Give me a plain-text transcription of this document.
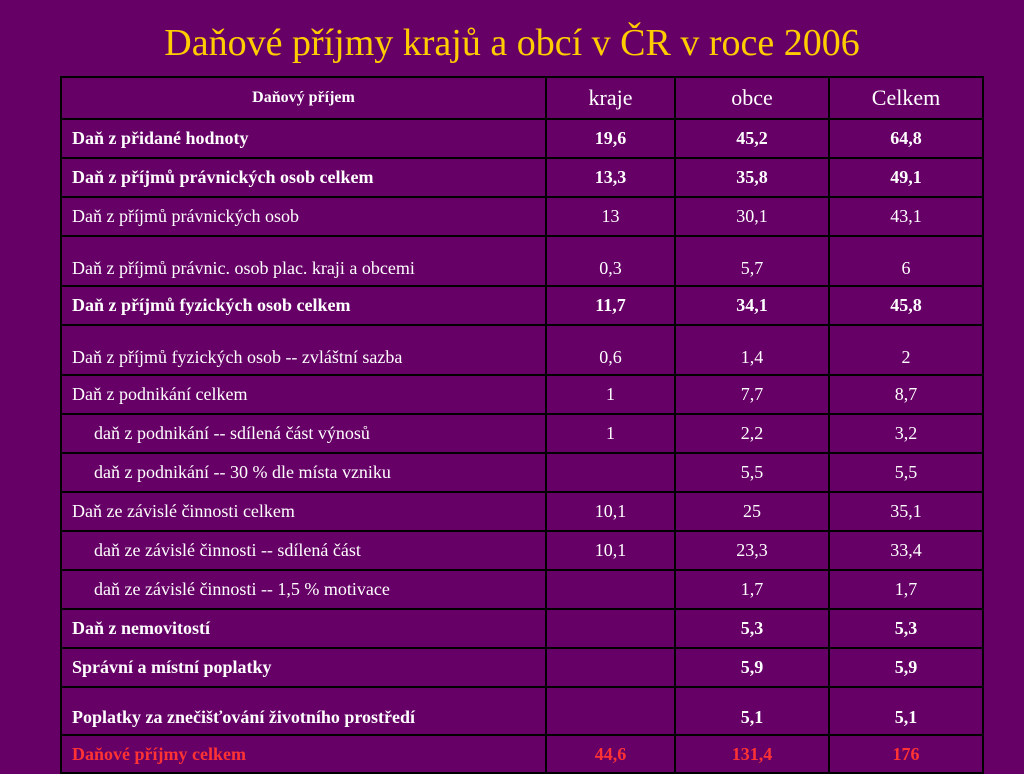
Daňové příjmy krajů a obcí v ČR v roce 2006
Daňový příjem	kraje	obce	Celkem
Daň z přidané hodnoty	19,6	45,2	64,8
Daň z příjmů právnických osob celkem	13,3	35,8	49,1
Daň z příjmů právnických osob	13	30,1	43,1
Daň z příjmů právnic. osob plac. kraji a obcemi	0,3	5,7	6
Daň z příjmů fyzických osob celkem	11,7	34,1	45,8
Daň z příjmů fyzických osob -- zvláštní sazba	0,6	1,4	2
Daň z podnikání celkem	1	7,7	8,7
daň z podnikání -- sdílená část výnosů	1	2,2	3,2
daň z podnikání -- 30 % dle místa vzniku		5,5	5,5
Daň ze závislé činnosti celkem	10,1	25	35,1
daň ze závislé činnosti -- sdílená část	10,1	23,3	33,4
daň ze závislé činnosti -- 1,5 % motivace		1,7	1,7
Daň z nemovitostí		5,3	5,3
Správní a místní poplatky		5,9	5,9
Poplatky za znečišťování životního prostředí		5,1	5,1
Daňové příjmy celkem	44,6	131,4	176
